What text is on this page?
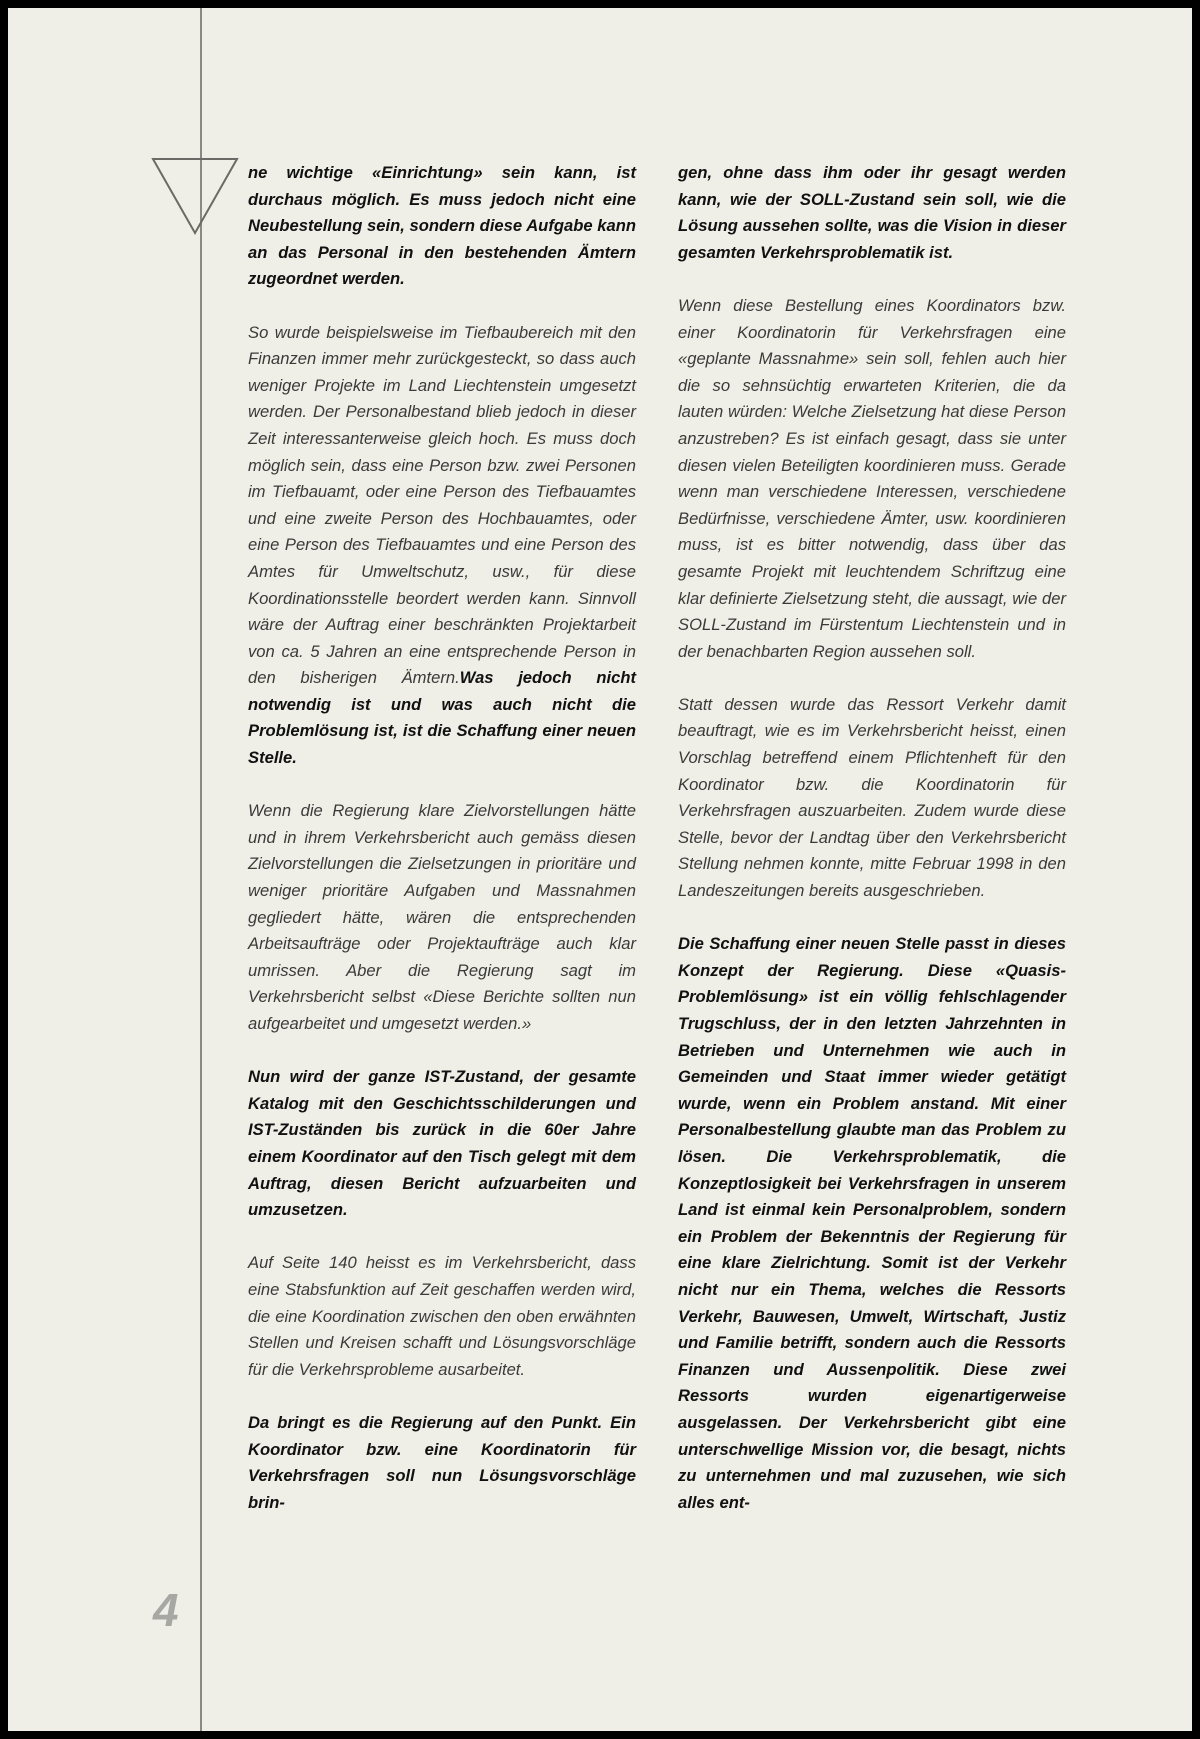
ne wichtige «Einrichtung» sein kann, ist durchaus möglich. Es muss jedoch nicht eine Neubestellung sein, sondern diese Aufgabe kann an das Personal in den bestehenden Ämtern zugeordnet werden.

So wurde beispielsweise im Tiefbaubereich mit den Finanzen immer mehr zurückgesteckt, so dass auch weniger Projekte im Land Liechtenstein umgesetzt werden. Der Personalbestand blieb jedoch in dieser Zeit interessanterweise gleich hoch. Es muss doch möglich sein, dass eine Person bzw. zwei Personen im Tiefbauamt, oder eine Person des Tiefbauamtes und eine zweite Person des Hochbauamtes, oder eine Person des Tiefbauamtes und eine Person des Amtes für Umweltschutz, usw., für diese Koordinationsstelle beordert werden kann. Sinnvoll wäre der Auftrag einer beschränkten Projektarbeit von ca. 5 Jahren an eine entsprechende Person in den bisherigen Ämtern.Was jedoch nicht notwendig ist und was auch nicht die Problemlösung ist, ist die Schaffung einer neuen Stelle.

Wenn die Regierung klare Zielvorstellungen hätte und in ihrem Verkehrsbericht auch gemäss diesen Zielvorstellungen die Zielsetzungen in prioritäre und weniger prioritäre Aufgaben und Massnahmen gegliedert hätte, wären die entsprechenden Arbeitsaufträge oder Projektaufträge auch klar umrissen. Aber die Regierung sagt im Verkehrsbericht selbst «Diese Berichte sollten nun aufgearbeitet und umgesetzt werden.»

Nun wird der ganze IST-Zustand, der gesamte Katalog mit den Geschichtsschilderungen und IST-Zuständen bis zurück in die 60er Jahre einem Koordinator auf den Tisch gelegt mit dem Auftrag, diesen Bericht aufzuarbeiten und umzusetzen.

Auf Seite 140 heisst es im Verkehrsbericht, dass eine Stabsfunktion auf Zeit geschaffen werden wird, die eine Koordination zwischen den oben erwähnten Stellen und Kreisen schafft und Lösungsvorschläge für die Verkehrsprobleme ausarbeitet.

Da bringt es die Regierung auf den Punkt. Ein Koordinator bzw. eine Koordinatorin für Verkehrsfragen soll nun Lösungsvorschläge brin-

gen, ohne dass ihm oder ihr gesagt werden kann, wie der SOLL-Zustand sein soll, wie die Lösung aussehen sollte, was die Vision in dieser gesamten Verkehrsproblematik ist.

Wenn diese Bestellung eines Koordinators bzw. einer Koordinatorin für Verkehrsfragen eine «geplante Massnahme» sein soll, fehlen auch hier die so sehnsüchtig erwarteten Kriterien, die da lauten würden: Welche Zielsetzung hat diese Person anzustreben? Es ist einfach gesagt, dass sie unter diesen vielen Beteiligten koordinieren muss. Gerade wenn man verschiedene Interessen, verschiedene Bedürfnisse, verschiedene Ämter, usw. koordinieren muss, ist es bitter notwendig, dass über das gesamte Projekt mit leuchtendem Schriftzug eine klar definierte Zielsetzung steht, die aussagt, wie der SOLL-Zustand im Fürstentum Liechtenstein und in der benachbarten Region aussehen soll.

Statt dessen wurde das Ressort Verkehr damit beauftragt, wie es im Verkehrsbericht heisst, einen Vorschlag betreffend einem Pflichtenheft für den Koordinator bzw. die Koordinatorin für Verkehrsfragen auszuarbeiten. Zudem wurde diese Stelle, bevor der Landtag über den Verkehrsbericht Stellung nehmen konnte, mitte Februar 1998 in den Landeszeitungen bereits ausgeschrieben.

Die Schaffung einer neuen Stelle passt in dieses Konzept der Regierung. Diese «Quasis-Problemlösung» ist ein völlig fehlschlagender Trugschluss, der in den letzten Jahrzehnten in Betrieben und Unternehmen wie auch in Gemeinden und Staat immer wieder getätigt wurde, wenn ein Problem anstand. Mit einer Personalbestellung glaubte man das Problem zu lösen. Die Verkehrsproblematik, die Konzeptlosigkeit bei Verkehrsfragen in unserem Land ist einmal kein Personalproblem, sondern ein Problem der Bekenntnis der Regierung für eine klare Zielrichtung. Somit ist der Verkehr nicht nur ein Thema, welches die Ressorts Verkehr, Bauwesen, Umwelt, Wirtschaft, Justiz und Familie betrifft, sondern auch die Ressorts Finanzen und Aussenpolitik. Diese zwei Ressorts wurden eigenartigerweise ausgelassen. Der Verkehrsbericht gibt eine unterschwellige Mission vor, die besagt, nichts zu unternehmen und mal zuzusehen, wie sich alles ent-

4
